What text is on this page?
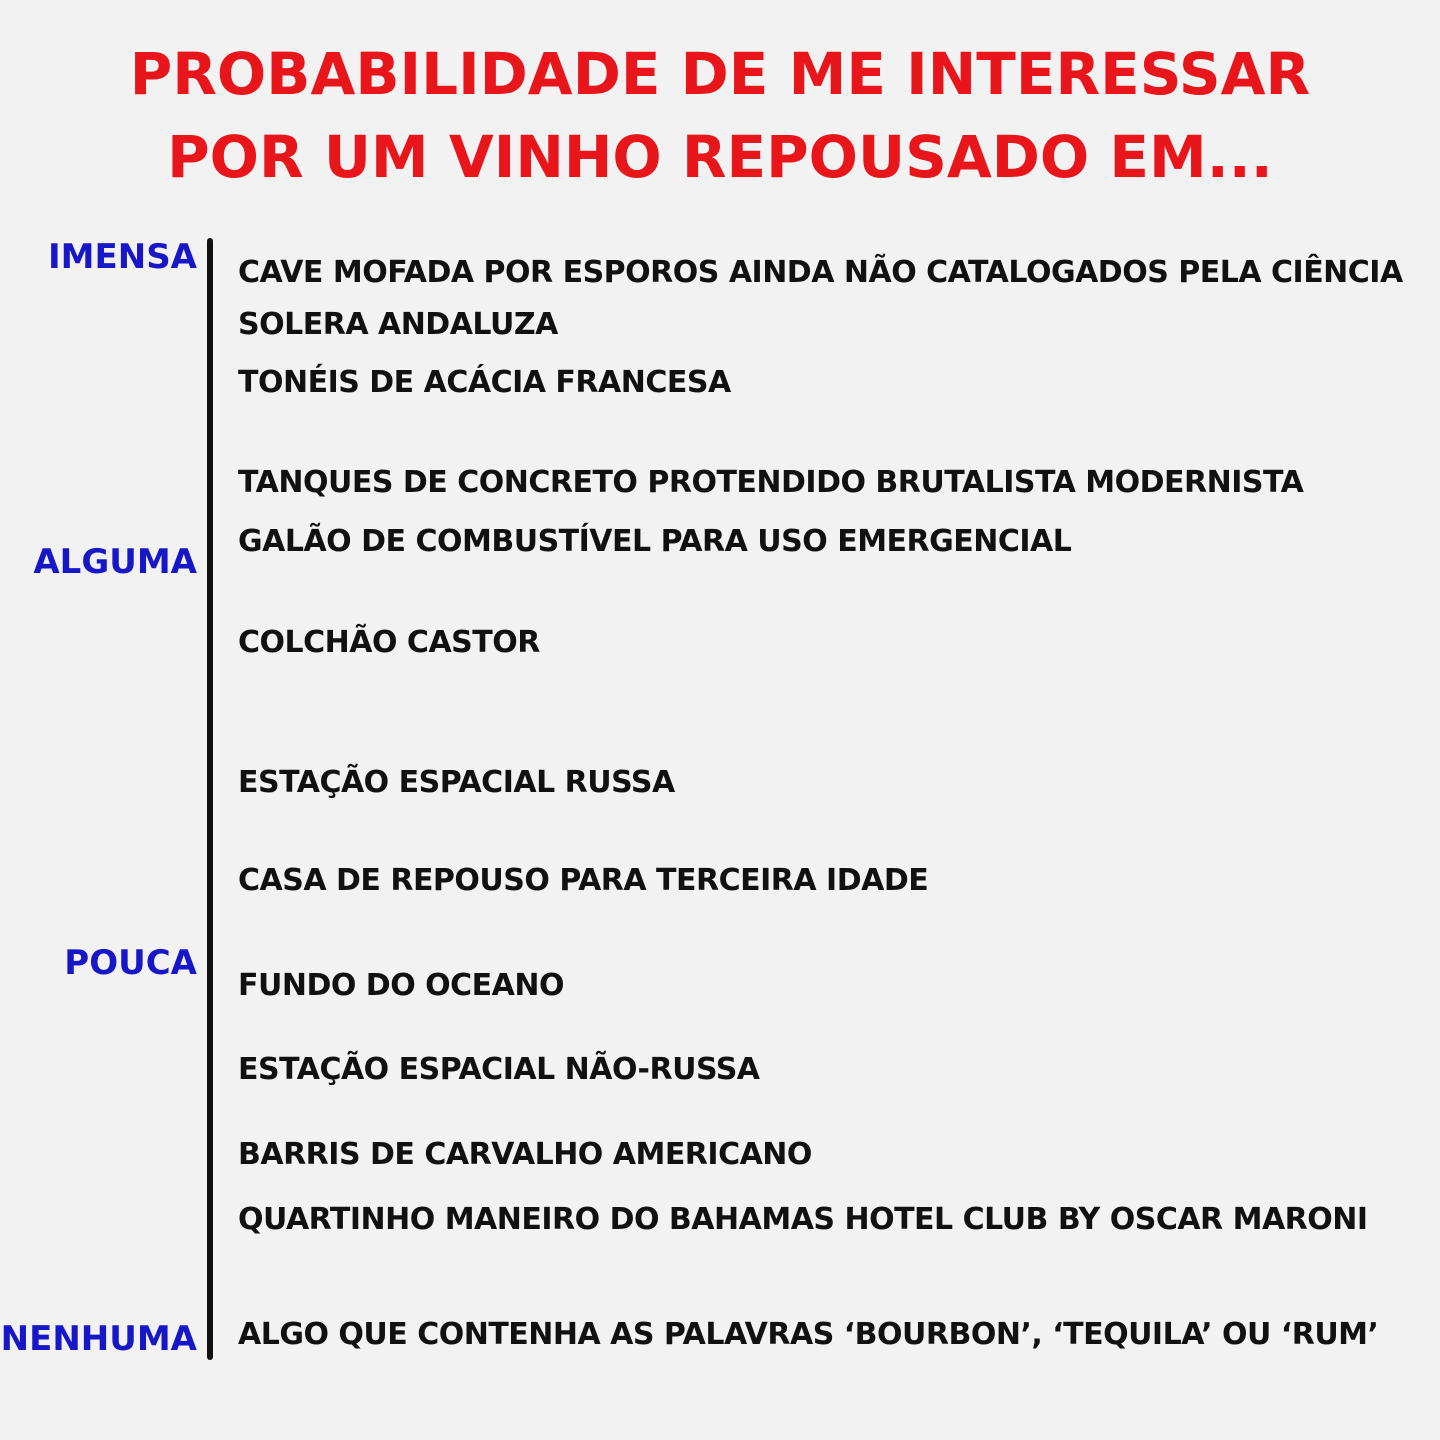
PROBABILIDADE DE ME INTERESSAR
POR UM VINHO REPOUSADO EM...
IMENSA
ALGUMA
POUCA
NENHUMA
CAVE MOFADA POR ESPOROS AINDA NÃO CATALOGADOS PELA CIÊNCIA
SOLERA ANDALUZA
TONÉIS DE ACÁCIA FRANCESA
TANQUES DE CONCRETO PROTENDIDO BRUTALISTA MODERNISTA
GALÃO DE COMBUSTÍVEL PARA USO EMERGENCIAL
COLCHÃO CASTOR
ESTAÇÃO ESPACIAL RUSSA
CASA DE REPOUSO PARA TERCEIRA IDADE
FUNDO DO OCEANO
ESTAÇÃO ESPACIAL NÃO-RUSSA
BARRIS DE CARVALHO AMERICANO
QUARTINHO MANEIRO DO BAHAMAS HOTEL CLUB BY OSCAR MARONI
ALGO QUE CONTENHA AS PALAVRAS ‘BOURBON’, ‘TEQUILA’ OU ‘RUM’
